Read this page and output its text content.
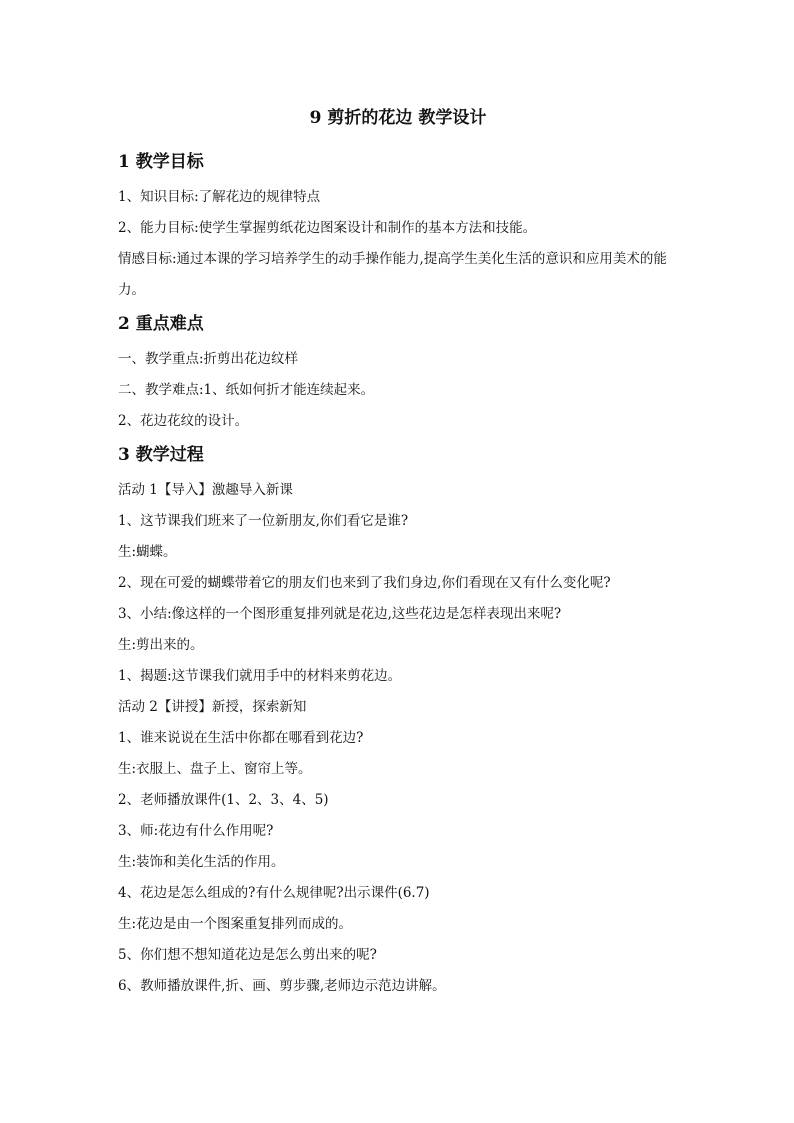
9 剪折的花边 教学设计
1 教学目标

1、知识目标:了解花边的规律特点

2、能力目标:使学生掌握剪纸花边图案设计和制作的基本方法和技能。

情感目标:通过本课的学习培养学生的动手操作能力,提高学生美化生活的意识和应用美术的能力。

2 重点难点

一、教学重点:折剪出花边纹样

二、教学难点:1、纸如何折才能连续起来。

2、花边花纹的设计。

3 教学过程

活动 1【导入】激趣导入新课

1、这节课我们班来了一位新朋友,你们看它是谁?

生:蝴蝶。

2、现在可爱的蝴蝶带着它的朋友们也来到了我们身边,你们看现在又有什么变化呢?

3、小结:像这样的一个图形重复排列就是花边,这些花边是怎样表现出来呢?

生:剪出来的。

1、揭题:这节课我们就用手中的材料来剪花边。

活动 2【讲授】新授，探索新知

1、谁来说说在生活中你都在哪看到花边?

生:衣服上、盘子上、窗帘上等。

2、老师播放课件(1、2、3、4、5)

3、师:花边有什么作用呢?

生:装饰和美化生活的作用。

4、花边是怎么组成的?有什么规律呢?出示课件(6.7)

生:花边是由一个图案重复排列而成的。

5、你们想不想知道花边是怎么剪出来的呢?

6、教师播放课件,折、画、剪步骤,老师边示范边讲解。
